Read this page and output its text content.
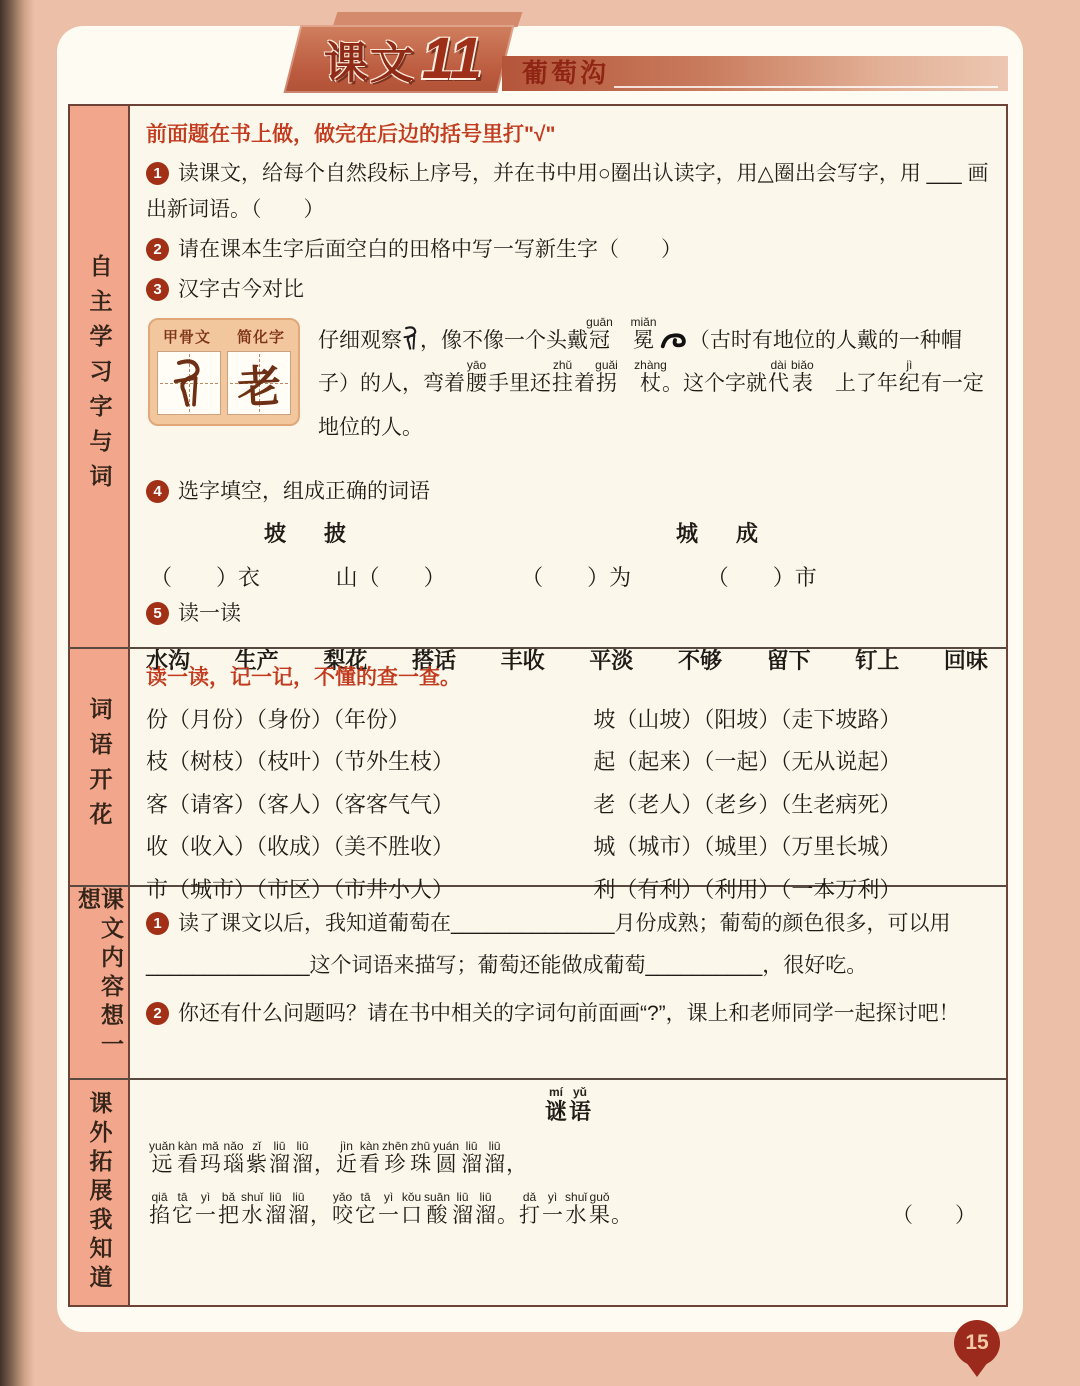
课文 11 葡萄沟
自主学习字与词

前面题在书上做，做完在后边的括号里打"√"

1 读课文，给每个自然段标上序号，并在书中用○圈出认读字，用△圈出会写字，用 ___ 画出新词语。（　　）

2 请在课本生字后面空白的田格中写一写新生字（　　）

3 汉字古今对比

甲骨文 简化字
老
仔细观察 ，像不像一个头戴冠guān　冕miǎn （古时有地位的人戴的一种帽子）的人，弯着腰yāo手里还拄zhǔ着拐guǎi　杖zhàng。这个字就代dài表biǎo　上了年纪jì有一定地位的人。

4 选字填空，组成正确的词语

坡　披	城　成
（　　）衣	山（　　）	（　　）为	（　　）市

5 读一读

水沟 生产 梨花 搭话 丰收 平淡 不够 留下 钉上 回味
词语开花

读一读，记一记，不懂的查一查。

份（月份）（身份）（年份）	坡（山坡）（阳坡）（走下坡路）
枝（树枝）（枝叶）（节外生枝）	起（起来）（一起）（无从说起）
客（请客）（客人）（客客气气）	老（老人）（老乡）（生老病死）
收（收入）（收成）（美不胜收）	城（城市）（城里）（万里长城）
市（城市）（市区）（市井小人）	利（有利）（利用）（一本万利）
课文内容想一想

1 读了课文以后，我知道葡萄在______________月份成熟；葡萄的颜色很多，可以用______________这个词语来描写；葡萄还能做成葡萄__________，很好吃。

2 你还有什么问题吗？请在书中相关的字词句前面画“?”，课上和老师同学一起探讨吧！

课外拓展我知道	谜mí语yǔ

远yuǎn看kàn玛mǎ瑙nǎo紫zǐ溜liū溜liū，近jìn看kàn珍zhēn珠zhū圆yuán溜liū溜liū，

掐qiā它tā一yì把bǎ水shuǐ溜liū溜liū，咬yǎo它tā一yì口kǒu酸suān溜liū溜liū。打dǎ一yì水shuǐ果guǒ。	（　　）

15
